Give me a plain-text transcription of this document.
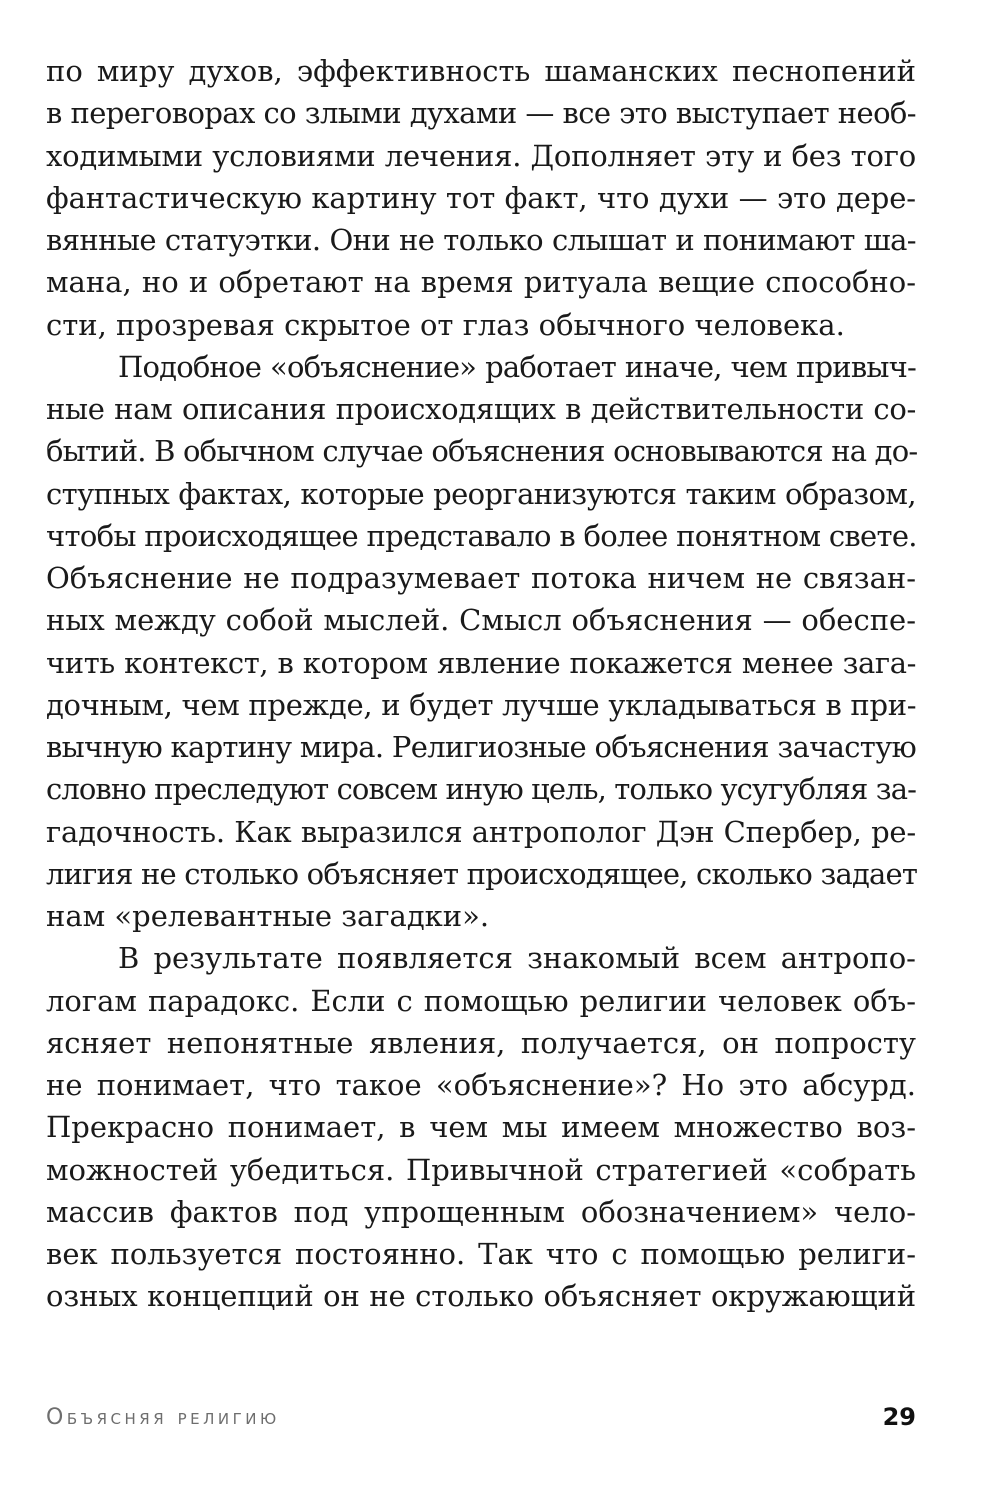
по миру духов, эффективность шаманских песнопений
в переговорах со злыми духами — все это выступает необ-
ходимыми условиями лечения. Дополняет эту и без того
фантастическую картину тот факт, что духи — это дере-
вянные статуэтки. Они не только слышат и понимают ша-
мана, но и обретают на время ритуала вещие способно-
сти, прозревая скрытое от глаз обычного человека.
Подобное «объяснение» работает иначе, чем привыч-
ные нам описания происходящих в действительности со-
бытий. В обычном случае объяснения основываются на до-
ступных фактах, которые реорганизуются таким образом,
чтобы происходящее представало в более понятном свете.
Объяснение не подразумевает потока ничем не связан-
ных между собой мыслей. Смысл объяснения — обеспе-
чить контекст, в котором явление покажется менее зага-
дочным, чем прежде, и будет лучше укладываться в при-
вычную картину мира. Религиозные объяснения зачастую
словно преследуют совсем иную цель, только усугубляя за-
гадочность. Как выразился антрополог Дэн Спербер, ре-
лигия не столько объясняет происходящее, сколько задает
нам «релевантные загадки».
В результате появляется знакомый всем антропо-
логам парадокс. Если с помощью религии человек объ-
ясняет непонятные явления, получается, он попросту
не понимает, что такое «объяснение»? Но это абсурд.
Прекрасно понимает, в чем мы имеем множество воз-
можностей убедиться. Привычной стратегией «собрать
массив фактов под упрощенным обозначением» чело-
век пользуется постоянно. Так что с помощью религи-
озных концепций он не столько объясняет окружающий
Объясняя религию	29
